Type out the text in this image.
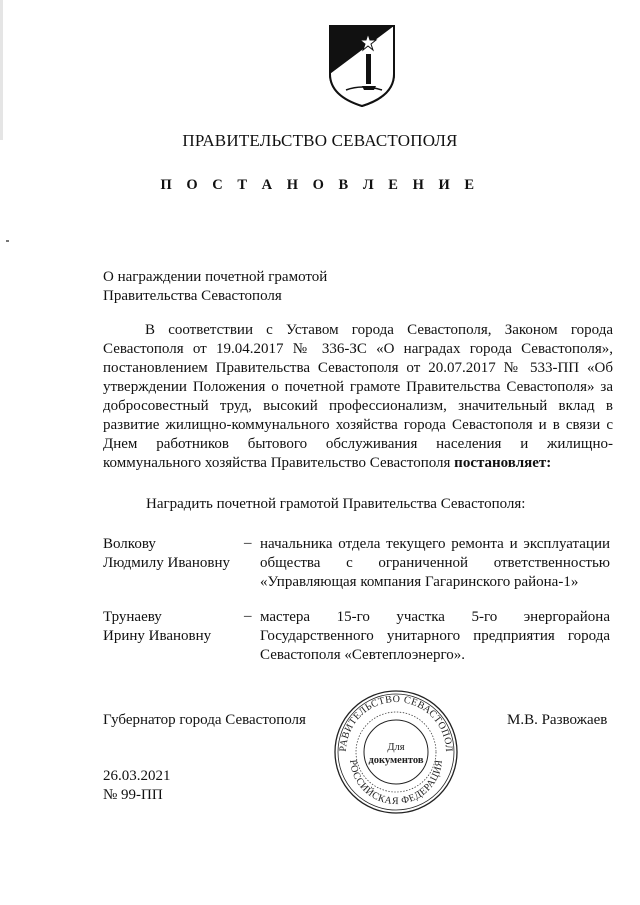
ПРАВИТЕЛЬСТВО СЕВАСТОПОЛЯ
П О С Т А Н О В Л Е Н И Е
О награждении почетной грамотой
Правительства Севастополя

В соответствии с Уставом города Севастополя, Законом города Севастополя от 19.04.2017 № 336-ЗС «О наградах города Севастополя», постановлением Правительства Севастополя от 20.07.2017 № 533-ПП «Об утверждении Положения о почетной грамоте Правительства Севастополя» за добросовестный труд, высокий профессионализм, значительный вклад в развитие жилищно-коммунального хозяйства города Севастополя и в связи с Днем работников бытового обслуживания населения и жилищно-коммунального хозяйства Правительство Севастополя постановляет:

Наградить почетной грамотой Правительства Севастополя:
Волкову
Людмилу Ивановну
– начальника отдела текущего ремонта и эксплуатации общества с ограниченной ответственностью «Управляющая компания Гагаринского района-1»
Трунаеву
Ирину Ивановну
– мастера 15-го участка 5-го энергорайона Государственного унитарного предприятия города Севастополя «Севтеплоэнерго».
Губернатор города Севастополя	М.В. Развожаев
РАВИТЕЛЬСТВО СЕВАСТОПОЛ
РОССИЙСКАЯ ФЕДЕРАЦИЯ
Для
документов
26.03.2021
№ 99-ПП
